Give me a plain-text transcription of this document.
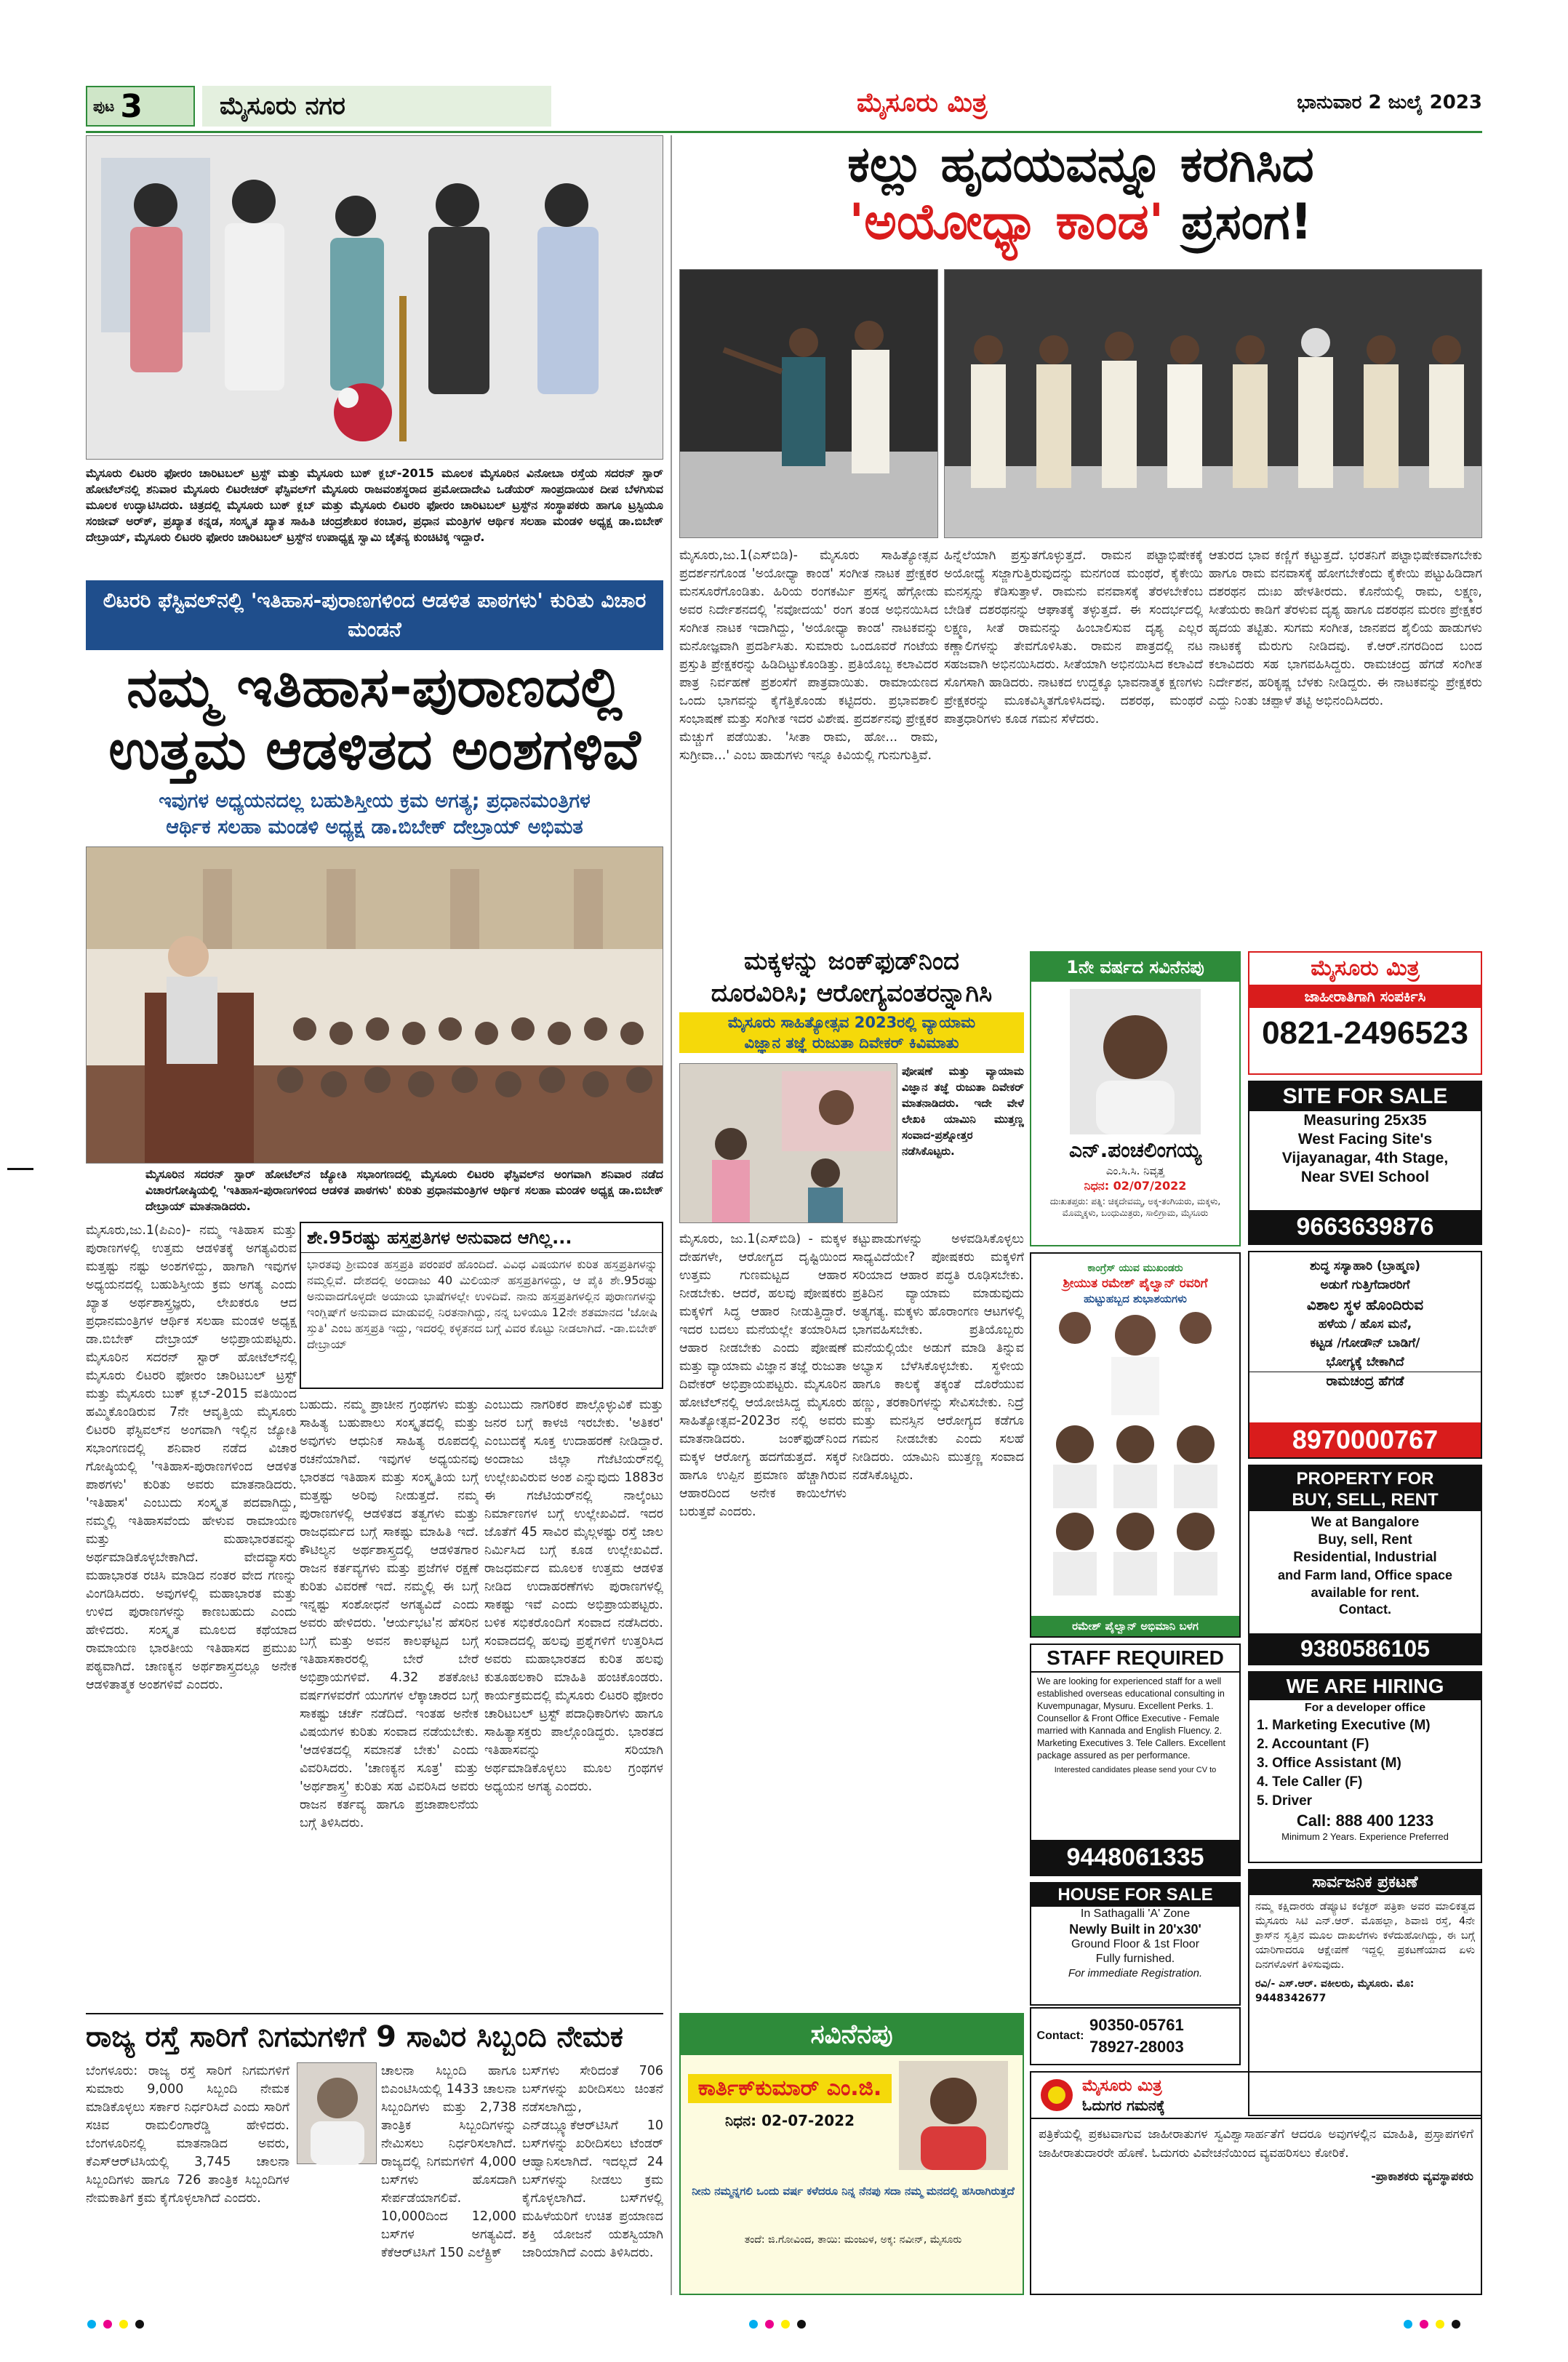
ಪುಟ 3	ಮೈಸೂರು ನಗರ	ಮೈಸೂರು ಮಿತ್ರ	ಭಾನುವಾರ 2 ಜುಲೈ 2023

ಮೈಸೂರು ಲಿಟರರಿ ಫೋರಂ ಚಾರಿಟಬಲ್ ಟ್ರಸ್ಟ್ ಮತ್ತು ಮೈಸೂರು ಬುಕ್ ಕ್ಲಬ್-2015 ಮೂಲಕ ಮೈಸೂರಿನ ವಿನೋಬಾ ರಸ್ತೆಯ ಸದರನ್ ಸ್ಟಾರ್ ಹೋಟೆಲ್‌ನಲ್ಲಿ ಶನಿವಾರ ಮೈಸೂರು ಲಿಟರೇಚರ್ ಫೆಸ್ಟಿವಲ್‌ಗೆ ಮೈಸೂರು ರಾಜವಂಶಸ್ಥರಾದ ಪ್ರಮೋದಾದೇವಿ ಒಡೆಯರ್ ಸಾಂಪ್ರದಾಯಿಕ ದೀಪ ಬೆಳಗಿಸುವ ಮೂಲಕ ಉದ್ಘಾಟಿಸಿದರು. ಚಿತ್ರದಲ್ಲಿ ಮೈಸೂರು ಬುಕ್ ಕ್ಲಬ್ ಮತ್ತು ಮೈಸೂರು ಲಿಟರರಿ ಫೋರಂ ಚಾರಿಟಬಲ್ ಟ್ರಸ್ಟ್‌ನ ಸಂಸ್ಥಾಪಕರು ಹಾಗೂ ಟ್ರಸ್ಟಿಯೂ ಸಂಜೀವ್ ಅರ್‌ಕ್, ಪ್ರಖ್ಯಾತ ಕನ್ನಡ, ಸಂಸ್ಕೃತ ಖ್ಯಾತ ಸಾಹಿತಿ ಚಂದ್ರಶೇಖರ ಕಂಬಾರ, ಪ್ರಧಾನ ಮಂತ್ರಿಗಳ ಆರ್ಥಿಕ ಸಲಹಾ ಮಂಡಳಿ ಅಧ್ಯಕ್ಷ ಡಾ.ಬಿಬೇಕ್ ದೇಬ್ರಾಯ್, ಮೈಸೂರು ಲಿಟರರಿ ಫೋರಂ ಚಾರಿಟಬಲ್ ಟ್ರಸ್ಟ್‌ನ ಉಪಾಧ್ಯಕ್ಷ ಸ್ವಾಮಿ ಚೈತನ್ಯ ಕುಂಚಿಟಿಕ್ಕ ಇದ್ದಾರೆ.

ಲಿಟರರಿ ಫೆಸ್ಟಿವಲ್‌ನಲ್ಲಿ 'ಇತಿಹಾಸ-ಪುರಾಣಗಳಿಂದ ಆಡಳಿತ ಪಾಠಗಳು' ಕುರಿತು ವಿಚಾರ ಮಂಡನೆ
ನಮ್ಮ ಇತಿಹಾಸ-ಪುರಾಣದಲ್ಲಿ
ಉತ್ತಮ ಆಡಳಿತದ ಅಂಶಗಳಿವೆ
ಇವುಗಳ ಅಧ್ಯಯನದಲ್ಲ ಬಹುಶಿಸ್ತೀಯ ಕ್ರಮ ಅಗತ್ಯ; ಪ್ರಧಾನಮಂತ್ರಿಗಳ
ಆರ್ಥಿಕ ಸಲಹಾ ಮಂಡಳಿ ಅಧ್ಯಕ್ಷ ಡಾ.ಬಿಬೇಕ್ ದೇಬ್ರಾಯ್ ಅಭಿಮತ

ಮೈಸೂರಿನ ಸದರನ್ ಸ್ಟಾರ್ ಹೋಟೆಲ್‌ನ ಜ್ಯೋತಿ ಸಭಾಂಗಣದಲ್ಲಿ ಮೈಸೂರು ಲಿಟರರಿ ಫೆಸ್ಟಿವಲ್‌ನ ಅಂಗವಾಗಿ ಶನಿವಾರ ನಡೆದ ವಿಚಾರಗೋಷ್ಠಿಯಲ್ಲಿ 'ಇತಿಹಾಸ-ಪುರಾಣಗಳಿಂದ ಆಡಳಿತ ಪಾಠಗಳು' ಕುರಿತು ಪ್ರಧಾನಮಂತ್ರಿಗಳ ಆರ್ಥಿಕ ಸಲಹಾ ಮಂಡಳಿ ಅಧ್ಯಕ್ಷ ಡಾ.ಬಿಬೇಕ್ ದೇಬ್ರಾಯ್ ಮಾತನಾಡಿದರು.

ಮೈಸೂರು,ಜು.1(ಪಿಎಂ)- ನಮ್ಮ ಇತಿಹಾಸ ಮತ್ತು ಪುರಾಣಗಳಲ್ಲಿ ಉತ್ತಮ ಆಡಳಿತಕ್ಕೆ ಅಗತ್ಯವಿರುವ ಮತ್ತಷ್ಟು ನಷ್ಟು ಅಂಶಗಳಿದ್ದು, ಹಾಗಾಗಿ ಇವುಗಳ ಅಧ್ಯಯನದಲ್ಲಿ ಬಹುಶಿಸ್ತೀಯ ಕ್ರಮ ಅಗತ್ಯ ಎಂದು ಖ್ಯಾತ ಅರ್ಥಶಾಸ್ತ್ರಜ್ಞರು, ಲೇಖಕರೂ ಆದ ಪ್ರಧಾನಮಂತ್ರಿಗಳ ಆರ್ಥಿಕ ಸಲಹಾ ಮಂಡಳಿ ಅಧ್ಯಕ್ಷ ಡಾ.ಬಿಬೇಕ್ ದೇಬ್ರಾಯ್ ಅಭಿಪ್ರಾಯಪಟ್ಟರು. ಮೈಸೂರಿನ ಸದರನ್ ಸ್ಟಾರ್ ಹೋಟೆಲ್‌ನಲ್ಲಿ ಮೈಸೂರು ಲಿಟರರಿ ಫೋರಂ ಚಾರಿಟಬಲ್ ಟ್ರಸ್ಟ್ ಮತ್ತು ಮೈಸೂರು ಬುಕ್ ಕ್ಲಬ್-2015 ವತಿಯಿಂದ ಹಮ್ಮಿಕೊಂಡಿರುವ 7ನೇ ಆವೃತ್ತಿಯ ಮೈಸೂರು ಲಿಟರರಿ ಫೆಸ್ಟಿವಲ್‌ನ ಅಂಗವಾಗಿ ಇಲ್ಲಿನ ಜ್ಯೋತಿ ಸಭಾಂಗಣದಲ್ಲಿ ಶನಿವಾರ ನಡೆದ ವಿಚಾರ ಗೋಷ್ಠಿಯಲ್ಲಿ 'ಇತಿಹಾಸ-ಪುರಾಣಗಳಿಂದ ಆಡಳಿತ ಪಾಠಗಳು' ಕುರಿತು ಅವರು ಮಾತನಾಡಿದರು. 'ಇತಿಹಾಸ' ಎಂಬುದು ಸಂಸ್ಕೃತ ಪದವಾಗಿದ್ದು, ನಮ್ಮಲ್ಲಿ ಇತಿಹಾಸವೆಂದು ಹೇಳುವ ರಾಮಾಯಣ ಮತ್ತು ಮಹಾಭಾರತವನ್ನು ಅರ್ಥಮಾಡಿಕೊಳ್ಳಬೇಕಾಗಿದೆ. ವೇದವ್ಯಾಸರು ಮಹಾಭಾರತ ರಚಿಸಿ ಮಾಡಿದ ನಂತರ ವೇದ ಗಣನ್ನು ವಿಂಗಡಿಸಿದರು. ಅವುಗಳಲ್ಲಿ ಮಹಾಭಾರತ ಮತ್ತು ಉಳಿದ ಪುರಾಣಗಳನ್ನು ಕಾಣಬಹುದು ಎಂದು ಹೇಳಿದರು. ಸಂಸ್ಕೃತ ಮೂಲದ ಕಥೆಯಾದ ರಾಮಾಯಣ ಭಾರತೀಯ ಇತಿಹಾಸದ ಪ್ರಮುಖ ಪಠ್ಯವಾಗಿದೆ. ಚಾಣಕ್ಯನ ಅರ್ಥಶಾಸ್ತ್ರದಲ್ಲೂ ಅನೇಕ ಆಡಳಿತಾತ್ಮಕ ಅಂಶಗಳಿವೆ ಎಂದರು.

ಶೇ.95ರಷ್ಟು ಹಸ್ತಪ್ರತಿಗಳ ಅನುವಾದ ಆಗಿಲ್ಲ...

ಭಾರತವು ಶ್ರೀಮಂತ ಹಸ್ತಪ್ರತಿ ಪರಂಪರೆ ಹೊಂದಿದೆ. ವಿವಿಧ ವಿಷಯಗಳ ಕುರಿತ ಹಸ್ತಪ್ರತಿಗಳನ್ನು ನಮ್ಮಲ್ಲಿವೆ. ದೇಶದಲ್ಲಿ ಅಂದಾಜು 40 ಮಿಲಿಯನ್ ಹಸ್ತಪ್ರತಿಗಳಿದ್ದು, ಆ ಪೈಕಿ ಶೇ.95ರಷ್ಟು ಅನುವಾದಗೊಳ್ಳದೇ ಅಯಾಯ ಭಾಷೆಗಳಲ್ಲೇ ಉಳಿದಿವೆ. ನಾನು ಹಸ್ತಪ್ರತಿಗಳಲ್ಲಿನ ಪುರಾಣಗಳನ್ನು ಇಂಗ್ಲಿಷ್‌ಗೆ ಅನುವಾದ ಮಾಡುವಲ್ಲಿ ನಿರತನಾಗಿದ್ದು, ನನ್ನ ಬಳಿಯೂ 12ನೇ ಶತಮಾನದ 'ಜೋಷಿ ಸ್ತುತಿ' ಎಂಬ ಹಸ್ತಪ್ರತಿ ಇದ್ದು, ಇದರಲ್ಲಿ ಕಳ್ಳತನದ ಬಗ್ಗೆ ವಿವರ ಕೊಟ್ಟು ನೀಡಲಾಗಿದೆ. -ಡಾ.ಬಿಬೇಕ್ ದೇಬ್ರಾಯ್

ಬಹುದು. ನಮ್ಮ ಪ್ರಾಚೀನ ಗ್ರಂಥಗಳು ಮತ್ತು ಸಾಹಿತ್ಯ ಬಹುಪಾಲು ಸಂಸ್ಕೃತದಲ್ಲಿ ಮತ್ತು ಅವುಗಳು ಆಧುನಿಕ ಸಾಹಿತ್ಯ ರೂಪದಲ್ಲಿ ರಚನೆಯಾಗಿವೆ. ಇವುಗಳ ಅಧ್ಯಯನವು ಭಾರತದ ಇತಿಹಾಸ ಮತ್ತು ಸಂಸ್ಕೃತಿಯ ಬಗ್ಗೆ ಮತ್ತಷ್ಟು ಅರಿವು ನೀಡುತ್ತದೆ. ನಮ್ಮ ಪುರಾಣಗಳಲ್ಲಿ ಆಡಳಿತದ ತತ್ವಗಳು ಮತ್ತು ರಾಜಧರ್ಮದ ಬಗ್ಗೆ ಸಾಕಷ್ಟು ಮಾಹಿತಿ ಇದೆ. ಕೌಟಿಲ್ಯನ ಅರ್ಥಶಾಸ್ತ್ರದಲ್ಲಿ ಆಡಳಿತಗಾರ ರಾಜನ ಕರ್ತವ್ಯಗಳು ಮತ್ತು ಪ್ರಜೆಗಳ ರಕ್ಷಣೆ ಕುರಿತು ವಿವರಣೆ ಇದೆ. ನಮ್ಮಲ್ಲಿ ಈ ಬಗ್ಗೆ ಇನ್ನಷ್ಟು ಸಂಶೋಧನೆ ಅಗತ್ಯವಿದೆ ಎಂದು ಅವರು ಹೇಳಿದರು. 'ಆರ್ಯಭಟ'ನ ಹೆಸರಿನ ಬಗ್ಗೆ ಮತ್ತು ಅವನ ಕಾಲಘಟ್ಟದ ಬಗ್ಗೆ ಇತಿಹಾಸಕಾರರಲ್ಲಿ ಬೇರೆ ಬೇರೆ ಅಭಿಪ್ರಾಯಗಳಿವೆ. 4.32 ಶತಕೋಟಿ ವರ್ಷಗಳವರೆಗೆ ಯುಗಗಳ ಲೆಕ್ಕಾಚಾರದ ಬಗ್ಗೆ ಸಾಕಷ್ಟು ಚರ್ಚೆ ನಡೆದಿದೆ. ಇಂತಹ ಅನೇಕ ವಿಷಯಗಳ ಕುರಿತು ಸಂವಾದ ನಡೆಯಬೇಕು. 'ಆಡಳಿತದಲ್ಲಿ ಸಮಾನತೆ ಬೇಕು' ಎಂದು ವಿವರಿಸಿದರು. 'ಚಾಣಕ್ಯನ ಸೂತ್ರ' ಮತ್ತು 'ಅರ್ಥಶಾಸ್ತ್ರ' ಕುರಿತು ಸಹ ವಿವರಿಸಿದ ಅವರು ರಾಜನ ಕರ್ತವ್ಯ ಹಾಗೂ ಪ್ರಜಾಪಾಲನೆಯ ಬಗ್ಗೆ ತಿಳಿಸಿದರು.

ಎಂಬುದು ನಾಗರಿಕರ ಪಾಲ್ಗೊಳ್ಳುವಿಕೆ ಮತ್ತು ಜನರ ಬಗ್ಗೆ ಕಾಳಜಿ ಇರಬೇಕು. 'ಅತಿಕರ' ಎಂಬುದಕ್ಕೆ ಸೂಕ್ತ ಉದಾಹರಣೆ ನೀಡಿದ್ದಾರೆ. ಅಂದಾಜು ಜಿಲ್ಲಾ ಗೆಜೆಟಿಯರ್‌ನಲ್ಲಿ ಉಲ್ಲೇಖವಿರುವ ಅಂಶ ಎನ್ನುವುದು 1883ರ ಈ ಗಜೆಟಿಯರ್‌ನಲ್ಲಿ ನಾಲ್ಕೆಂಟು ನಿರ್ಮಾಣಗಳ ಬಗ್ಗೆ ಉಲ್ಲೇಖವಿದೆ. ಇದರ ಜೊತೆಗೆ 45 ಸಾವಿರ ಮೈಲ್ಗಳಷ್ಟು ರಸ್ತೆ ಜಾಲ ನಿರ್ಮಿಸಿದ ಬಗ್ಗೆ ಕೂಡ ಉಲ್ಲೇಖವಿದೆ. ರಾಜಧರ್ಮದ ಮೂಲಕ ಉತ್ತಮ ಆಡಳಿತ ನೀಡಿದ ಉದಾಹರಣೆಗಳು ಪುರಾಣಗಳಲ್ಲಿ ಸಾಕಷ್ಟು ಇವೆ ಎಂದು ಅಭಿಪ್ರಾಯಪಟ್ಟರು. ಬಳಿಕ ಸಭಿಕರೊಂದಿಗೆ ಸಂವಾದ ನಡೆಸಿದರು. ಸಂವಾದದಲ್ಲಿ ಹಲವು ಪ್ರಶ್ನೆಗಳಿಗೆ ಉತ್ತರಿಸಿದ ಅವರು ಮಹಾಭಾರತದ ಕುರಿತ ಹಲವು ಕುತೂಹಲಕಾರಿ ಮಾಹಿತಿ ಹಂಚಿಕೊಂಡರು. ಕಾರ್ಯಕ್ರಮದಲ್ಲಿ ಮೈಸೂರು ಲಿಟರರಿ ಫೋರಂ ಚಾರಿಟಬಲ್ ಟ್ರಸ್ಟ್ ಪದಾಧಿಕಾರಿಗಳು ಹಾಗೂ ಸಾಹಿತ್ಯಾಸಕ್ತರು ಪಾಲ್ಗೊಂಡಿದ್ದರು. ಭಾರತದ ಇತಿಹಾಸವನ್ನು ಸರಿಯಾಗಿ ಅರ್ಥಮಾಡಿಕೊಳ್ಳಲು ಮೂಲ ಗ್ರಂಥಗಳ ಅಧ್ಯಯನ ಅಗತ್ಯ ಎಂದರು.

ರಾಜ್ಯ ರಸ್ತೆ ಸಾರಿಗೆ ನಿಗಮಗಳಿಗೆ 9 ಸಾವಿರ ಸಿಬ್ಬಂದಿ ನೇಮಕ

ಬೆಂಗಳೂರು: ರಾಜ್ಯ ರಸ್ತೆ ಸಾರಿಗೆ ನಿಗಮಗಳಿಗೆ ಸುಮಾರು 9,000 ಸಿಬ್ಬಂದಿ ನೇಮಕ ಮಾಡಿಕೊಳ್ಳಲು ಸರ್ಕಾರ ನಿರ್ಧರಿಸಿದೆ ಎಂದು ಸಾರಿಗೆ ಸಚಿವ ರಾಮಲಿಂಗಾರೆಡ್ಡಿ ಹೇಳಿದರು. ಬೆಂಗಳೂರಿನಲ್ಲಿ ಮಾತನಾಡಿದ ಅವರು, ಕೆಎಸ್‌ಆರ್‌ಟಿಸಿಯಲ್ಲಿ 3,745 ಚಾಲನಾ ಸಿಬ್ಬಂದಿಗಳು ಹಾಗೂ 726 ತಾಂತ್ರಿಕ ಸಿಬ್ಬಂದಿಗಳ ನೇಮಕಾತಿಗೆ ಕ್ರಮ ಕೈಗೊಳ್ಳಲಾಗಿದೆ ಎಂದರು.

ಚಾಲನಾ ಸಿಬ್ಬಂದಿ ಹಾಗೂ ಬಿಎಂಟಿಸಿಯಲ್ಲಿ 1433 ಚಾಲನಾ ಸಿಬ್ಬಂದಿಗಳು ಮತ್ತು 2,738 ತಾಂತ್ರಿಕ ಸಿಬ್ಬಂದಿಗಳನ್ನು ನೇಮಿಸಲು ನಿರ್ಧರಿಸಲಾಗಿದೆ. ರಾಜ್ಯದಲ್ಲಿ ನಿಗಮಗಳಿಗೆ 4,000 ಬಸ್‌ಗಳು ಹೊಸದಾಗಿ ಸೇರ್ಪಡೆಯಾಗಲಿವೆ. 10,000ದಿಂದ 12,000 ಬಸ್‌ಗಳ ಅಗತ್ಯವಿದೆ. ಕೆಕೆಆರ್‌ಟಿಸಿಗೆ 150 ಎಲೆಕ್ಟ್ರಿಕ್

ಬಸ್‌ಗಳು ಸೇರಿದಂತೆ 706 ಬಸ್‌ಗಳನ್ನು ಖರೀದಿಸಲು ಚಿಂತನೆ ನಡೆಸಲಾಗಿದ್ದು, ಎನ್‌ಡಬ್ಲ್ಯೂಕೆಆರ್‌ಟಿಸಿಗೆ 10 ಬಸ್‌ಗಳನ್ನು ಖರೀದಿಸಲು ಟೆಂಡರ್ ಆಹ್ವಾನಿಸಲಾಗಿದೆ. ಇದಲ್ಲದೆ 24 ಬಸ್‌ಗಳನ್ನು ನೀಡಲು ಕ್ರಮ ಕೈಗೊಳ್ಳಲಾಗಿದೆ. ಬಸ್‌ಗಳಲ್ಲಿ ಮಹಿಳೆಯರಿಗೆ ಉಚಿತ ಪ್ರಯಾಣದ ಶಕ್ತಿ ಯೋಜನೆ ಯಶಸ್ವಿಯಾಗಿ ಜಾರಿಯಾಗಿದೆ ಎಂದು ತಿಳಿಸಿದರು.

ಕಲ್ಲು ಹೃದಯವನ್ನೂ ಕರಗಿಸಿದ
'ಅಯೋಧ್ಯಾ ಕಾಂಡ' ಪ್ರಸಂಗ!

ಮೈಸೂರು,ಜು.1(ಎಸ್‌ಬಿಡಿ)- ಮೈಸೂರು ಸಾಹಿತ್ಯೋತ್ಸವ ಪ್ರದರ್ಶನಗೊಂಡ 'ಅಯೋಧ್ಯಾ ಕಾಂಡ' ಸಂಗೀತ ನಾಟಕ ಪ್ರೇಕ್ಷಕರ ಮನಸೂರೆಗೊಂಡಿತು. ಹಿರಿಯ ರಂಗಕರ್ಮಿ ಪ್ರಸನ್ನ ಹೆಗ್ಗೋಡು ಅವರ ನಿರ್ದೇಶನದಲ್ಲಿ 'ನವೋದಯ' ರಂಗ ತಂಡ ಅಭಿನಯಿಸಿದ ಸಂಗೀತ ನಾಟಕ ಇದಾಗಿದ್ದು, 'ಅಯೋಧ್ಯಾ ಕಾಂಡ' ನಾಟಕವನ್ನು ಮನೋಜ್ಞವಾಗಿ ಪ್ರದರ್ಶಿಸಿತು. ಸುಮಾರು ಒಂದೂವರೆ ಗಂಟೆಯ ಪ್ರಸ್ತುತಿ ಪ್ರೇಕ್ಷಕರನ್ನು ಹಿಡಿದಿಟ್ಟುಕೊಂಡಿತ್ತು. ಪ್ರತಿಯೊಬ್ಬ ಕಲಾವಿದರ ಪಾತ್ರ ನಿರ್ವಹಣೆ ಪ್ರಶಂಸೆಗೆ ಪಾತ್ರವಾಯಿತು. ರಾಮಾಯಣದ ಒಂದು ಭಾಗವನ್ನು ಕೈಗೆತ್ತಿಕೊಂಡು ಕಟ್ಟಿದರು. ಪ್ರಭಾವಶಾಲಿ ಸಂಭಾಷಣೆ ಮತ್ತು ಸಂಗೀತ ಇದರ ವಿಶೇಷ. ಪ್ರದರ್ಶನವು ಪ್ರೇಕ್ಷಕರ ಮೆಚ್ಚುಗೆ ಪಡೆಯಿತು. 'ಸೀತಾ ರಾಮ, ಹೋ... ರಾಮ, ಸುಗ್ರೀವಾ...' ಎಂಬ ಹಾಡುಗಳು ಇನ್ನೂ ಕಿವಿಯಲ್ಲಿ ಗುನುಗುತ್ತಿವೆ.

ಹಿನ್ನೆಲೆಯಾಗಿ ಪ್ರಸ್ತುತಗೊಳ್ಳುತ್ತದೆ. ರಾಮನ ಪಟ್ಟಾಭಿಷೇಕಕ್ಕೆ ಅಯೋಧ್ಯೆ ಸಜ್ಜಾಗುತ್ತಿರುವುದನ್ನು ಮನಗಂಡ ಮಂಥರೆ, ಕೈಕೇಯಿ ಮನಸ್ಸನ್ನು ಕೆಡಿಸುತ್ತಾಳೆ. ರಾಮನು ವನವಾಸಕ್ಕೆ ತೆರಳಬೇಕೆಂಬ ಬೇಡಿಕೆ ದಶರಥನನ್ನು ಆಘಾತಕ್ಕೆ ತಳ್ಳುತ್ತದೆ. ಈ ಸಂದರ್ಭದಲ್ಲಿ ಲಕ್ಷ್ಮಣ, ಸೀತೆ ರಾಮನನ್ನು ಹಿಂಬಾಲಿಸುವ ದೃಶ್ಯ ಎಲ್ಲರ ಕಣ್ಣಾಲಿಗಳನ್ನು ತೇವಗೊಳಿಸಿತು. ರಾಮನ ಪಾತ್ರದಲ್ಲಿ ನಟ ಸಹಜವಾಗಿ ಅಭಿನಯಿಸಿದರು. ಸೀತೆಯಾಗಿ ಅಭಿನಯಿಸಿದ ಕಲಾವಿದೆ ಸೊಗಸಾಗಿ ಹಾಡಿದರು. ನಾಟಕದ ಉದ್ದಕ್ಕೂ ಭಾವನಾತ್ಮಕ ಕ್ಷಣಗಳು ಪ್ರೇಕ್ಷಕರನ್ನು ಮೂಕವಿಸ್ಮಿತಗೊಳಿಸಿದವು. ದಶರಥ, ಮಂಥರೆ ಪಾತ್ರಧಾರಿಗಳು ಕೂಡ ಗಮನ ಸೆಳೆದರು.

ಆತುರದ ಭಾವ ಕಣ್ಣಿಗೆ ಕಟ್ಟುತ್ತದೆ. ಭರತನಿಗೆ ಪಟ್ಟಾಭಿಷೇಕವಾಗಬೇಕು ಹಾಗೂ ರಾಮ ವನವಾಸಕ್ಕೆ ಹೋಗಬೇಕೆಂದು ಕೈಕೇಯಿ ಪಟ್ಟುಹಿಡಿದಾಗ ದಶರಥನ ದುಃಖ ಹೇಳತೀರದು. ಕೊನೆಯಲ್ಲಿ ರಾಮ, ಲಕ್ಷ್ಮಣ, ಸೀತೆಯರು ಕಾಡಿಗೆ ತೆರಳುವ ದೃಶ್ಯ ಹಾಗೂ ದಶರಥನ ಮರಣ ಪ್ರೇಕ್ಷಕರ ಹೃದಯ ತಟ್ಟಿತು. ಸುಗಮ ಸಂಗೀತ, ಜಾನಪದ ಶೈಲಿಯ ಹಾಡುಗಳು ನಾಟಕಕ್ಕೆ ಮೆರುಗು ನೀಡಿದವು. ಕೆ.ಆರ್.ನಗರದಿಂದ ಬಂದ ಕಲಾವಿದರು ಸಹ ಭಾಗವಹಿಸಿದ್ದರು. ರಾಮಚಂದ್ರ ಹೆಗಡೆ ಸಂಗೀತ ನಿರ್ದೇಶನ, ಹರಿಕೃಷ್ಣ ಬೆಳಕು ನೀಡಿದ್ದರು. ಈ ನಾಟಕವನ್ನು ಪ್ರೇಕ್ಷಕರು ಎದ್ದು ನಿಂತು ಚಪ್ಪಾಳೆ ತಟ್ಟಿ ಅಭಿನಂದಿಸಿದರು.

ಮಕ್ಕಳನ್ನು ಜಂಕ್‌ಫುಡ್‌ನಿಂದ
ದೂರವಿರಿಸಿ; ಆರೋಗ್ಯವಂತರನ್ನಾಗಿಸಿ
ಮೈಸೂರು ಸಾಹಿತ್ಯೋತ್ಸವ 2023ರಲ್ಲಿ ವ್ಯಾಯಾಮ
ವಿಜ್ಞಾನ ತಜ್ಞೆ ರುಜುತಾ ದಿವೇಕರ್ ಕಿವಿಮಾತು

ಪೋಷಣೆ ಮತ್ತು ವ್ಯಾಯಾಮ ವಿಜ್ಞಾನ ತಜ್ಞೆ ರುಜುತಾ ದಿವೇಕರ್ ಮಾತನಾಡಿದರು. ಇದೇ ವೇಳೆ ಲೇಖಕಿ ಯಾಮಿನಿ ಮುತ್ತಣ್ಣ ಸಂವಾದ-ಪ್ರಶ್ನೋತ್ತರ ನಡೆಸಿಕೊಟ್ಟರು.

ಮೈಸೂರು, ಜು.1(ಎಸ್‌ಬಿಡಿ) - ಮಕ್ಕಳ ದೇಹಗಳೇ, ಆರೋಗ್ಯದ ದೃಷ್ಟಿಯಿಂದ ಉತ್ತಮ ಗುಣಮಟ್ಟದ ಆಹಾರ ನೀಡಬೇಕು. ಆದರೆ, ಹಲವು ಪೋಷಕರು ಮಕ್ಕಳಿಗೆ ಸಿದ್ಧ ಆಹಾರ ನೀಡುತ್ತಿದ್ದಾರೆ. ಇದರ ಬದಲು ಮನೆಯಲ್ಲೇ ತಯಾರಿಸಿದ ಆಹಾರ ನೀಡಬೇಕು ಎಂದು ಪೋಷಣೆ ಮತ್ತು ವ್ಯಾಯಾಮ ವಿಜ್ಞಾನ ತಜ್ಞೆ ರುಜುತಾ ದಿವೇಕರ್ ಅಭಿಪ್ರಾಯಪಟ್ಟರು. ಮೈಸೂರಿನ ಹೋಟೆಲ್‌ನಲ್ಲಿ ಆಯೋಜಿಸಿದ್ದ ಮೈಸೂರು ಸಾಹಿತ್ಯೋತ್ಸವ-2023ರ ನಲ್ಲಿ ಅವರು ಮಾತನಾಡಿದರು. ಜಂಕ್‌ಫುಡ್‌ನಿಂದ ಮಕ್ಕಳ ಆರೋಗ್ಯ ಹದಗೆಡುತ್ತದೆ. ಸಕ್ಕರೆ ಹಾಗೂ ಉಪ್ಪಿನ ಪ್ರಮಾಣ ಹೆಚ್ಚಾಗಿರುವ ಆಹಾರದಿಂದ ಅನೇಕ ಕಾಯಿಲೆಗಳು ಬರುತ್ತವೆ ಎಂದರು.

ಕಟ್ಟುಪಾಡುಗಳನ್ನು ಅಳವಡಿಸಿಕೊಳ್ಳಲು ಸಾಧ್ಯವಿದೆಯೇ? ಪೋಷಕರು ಮಕ್ಕಳಿಗೆ ಸರಿಯಾದ ಆಹಾರ ಪದ್ಧತಿ ರೂಢಿಸಬೇಕು. ಪ್ರತಿದಿನ ವ್ಯಾಯಾಮ ಮಾಡುವುದು ಅತ್ಯಗತ್ಯ. ಮಕ್ಕಳು ಹೊರಾಂಗಣ ಆಟಗಳಲ್ಲಿ ಭಾಗವಹಿಸಬೇಕು. ಪ್ರತಿಯೊಬ್ಬರು ಮನೆಯಲ್ಲಿಯೇ ಅಡುಗೆ ಮಾಡಿ ತಿನ್ನುವ ಅಭ್ಯಾಸ ಬೆಳೆಸಿಕೊಳ್ಳಬೇಕು. ಸ್ಥಳೀಯ ಹಾಗೂ ಕಾಲಕ್ಕೆ ತಕ್ಕಂತೆ ದೊರೆಯುವ ಹಣ್ಣು, ತರಕಾರಿಗಳನ್ನು ಸೇವಿಸಬೇಕು. ನಿದ್ರೆ ಮತ್ತು ಮನಸ್ಸಿನ ಆರೋಗ್ಯದ ಕಡೆಗೂ ಗಮನ ನೀಡಬೇಕು ಎಂದು ಸಲಹೆ ನೀಡಿದರು. ಯಾಮಿನಿ ಮುತ್ತಣ್ಣ ಸಂವಾದ ನಡೆಸಿಕೊಟ್ಟರು.

1ನೇ ವರ್ಷದ ಸವಿನೆನಪು
ಎನ್.ಪಂಚಲಿಂಗಯ್ಯ
ಎಂ.ಸಿ.ಸಿ. ನಿವೃತ್ತ
ನಿಧನ: 02/07/2022
ದುಃಖತಪ್ತರು: ಪತ್ನಿ: ಚಿಕ್ಕದೇವಮ್ಮ, ಅಕ್ಕ-ತಂಗಿಯರು, ಮಕ್ಕಳು, ಮೊಮ್ಮಕ್ಕಳು, ಬಂಧುಮಿತ್ರರು, ಸಾಲಿಗ್ರಾಮ, ಮೈಸೂರು
ಕಾಂಗ್ರೆಸ್ ಯುವ ಮುಖಂಡರು
ಶ್ರೀಯುತ ರಮೇಶ್ ಪೈಲ್ವಾನ್ ರವರಿಗೆ
ಹುಟ್ಟುಹಬ್ಬದ ಶುಭಾಶಯಗಳು
ರಮೇಶ್ ಪೈಲ್ವಾನ್ ಅಭಿಮಾನಿ ಬಳಗ
STAFF REQUIRED
We are looking for experienced staff for a well established overseas educational consulting in Kuvempunagar, Mysuru. Excellent Perks. 1. Counsellor & Front Office Executive - Female married with Kannada and English Fluency. 2. Marketing Executives 3. Tele Callers. Excellent package assured as per performance.
Interested candidates please send your CV to
9448061335
HOUSE FOR SALE
In Sathagalli 'A' Zone
Newly Built in 20'x30'
Ground Floor & 1st Floor
Fully furnished.
For immediate Registration.
Contact:
90350-05761
78927-28003
ಸವಿನೆನಪು
ಕಾರ್ತಿಕ್‌ಕುಮಾರ್ ಎಂ.ಜಿ.
ನಿಧನ: 02-07-2022
ನೀನು ನಮ್ಮನ್ನಗಲಿ ಒಂದು ವರ್ಷ ಕಳೆದರೂ ನಿನ್ನ ನೆನಪು ಸದಾ ನಮ್ಮ ಮನದಲ್ಲಿ ಹಸಿರಾಗಿರುತ್ತದೆ
ತಂದೆ: ಜಿ.ಗೋವಿಂದ, ತಾಯಿ: ಮಂಜುಳ, ಅಕ್ಕ: ನವೀನ್, ಮೈಸೂರು
ಮೈಸೂರು ಮಿತ್ರ
ಜಾಹೀರಾತಿಗಾಗಿ ಸಂಪರ್ಕಿಸಿ
0821-2496523
SITE FOR SALE
Measuring 25x35
West Facing Site's
Vijayanagar, 4th Stage,
Near SVEI School
9663639876
ಶುದ್ಧ ಸಸ್ಯಾಹಾರಿ (ಬ್ರಾಹ್ಮಣ)
ಅಡುಗೆ ಗುತ್ತಿಗೆದಾರರಿಗೆ
ವಿಶಾಲ ಸ್ಥಳ ಹೊಂದಿರುವ
ಹಳೆಯ / ಹೊಸ ಮನೆ,
ಕಟ್ಟಡ /ಗೋಡೌನ್ ಬಾಡಿಗೆ/
ಭೋಗ್ಯಕ್ಕೆ ಬೇಕಾಗಿದೆ
ರಾಮಚಂದ್ರ ಹೆಗಡೆ
8970000767
PROPERTY FOR
BUY, SELL, RENT
We at Bangalore
Buy, sell, Rent
Residential, Industrial
and Farm land, Office space
available for rent.
Contact.
9380586105
WE ARE HIRING
For a developer office
1. Marketing Executive (M)
2. Accountant (F)
3. Office Assistant (M)
4. Tele Caller (F)
5. Driver
Call: 888 400 1233
Minimum 2 Years. Experience Preferred
ಸಾರ್ವಜನಿಕ ಪ್ರಕಟಣೆ
ನಮ್ಮ ಕಕ್ಷಿದಾರರು ಡೆಪ್ಯೂಟಿ ಕಲೆಕ್ಟರ್ ಪತ್ರಿಕಾ ಅವರ ಮಾಲಿಕತ್ವದ ಮೈಸೂರು ಸಿಟಿ ಎನ್.ಆರ್. ಮೊಹಲ್ಲಾ, ಶಿವಾಜಿ ರಸ್ತೆ, 4ನೇ ಕ್ರಾಸ್‌ನ ಸ್ವತ್ತಿನ ಮೂಲ ದಾಖಲೆಗಳು ಕಳೆದುಹೋಗಿದ್ದು, ಈ ಬಗ್ಗೆ ಯಾರಿಗಾದರೂ ಆಕ್ಷೇಪಣೆ ಇದ್ದಲ್ಲಿ ಪ್ರಕಟಣೆಯಾದ ಏಳು ದಿನಗಳೊಳಗೆ ತಿಳಿಸುವುದು.
ರವಿ/- ಎಸ್.ಆರ್. ವಕೀಲರು, ಮೈಸೂರು. ಮೊ: 9448342677
ಮೈಸೂರು ಮಿತ್ರ
ಓದುಗರ ಗಮನಕ್ಕೆ
ಪತ್ರಿಕೆಯಲ್ಲಿ ಪ್ರಕಟವಾಗುವ ಜಾಹೀರಾತುಗಳ ಸ್ವವಿಶ್ವಾಸಾರ್ಹತೆಗೆ ಆದರೂ ಅವುಗಳಲ್ಲಿನ ಮಾಹಿತಿ, ಪ್ರಸ್ತಾಪಗಳಿಗೆ ಜಾಹೀರಾತುದಾರರೇ ಹೊಣೆ. ಓದುಗರು ವಿವೇಚನೆಯಿಂದ ವ್ಯವಹರಿಸಲು ಕೋರಿಕೆ.
-ಪ್ರಾಕಾಶಕರು ವ್ಯವಸ್ಥಾಪಕರು
